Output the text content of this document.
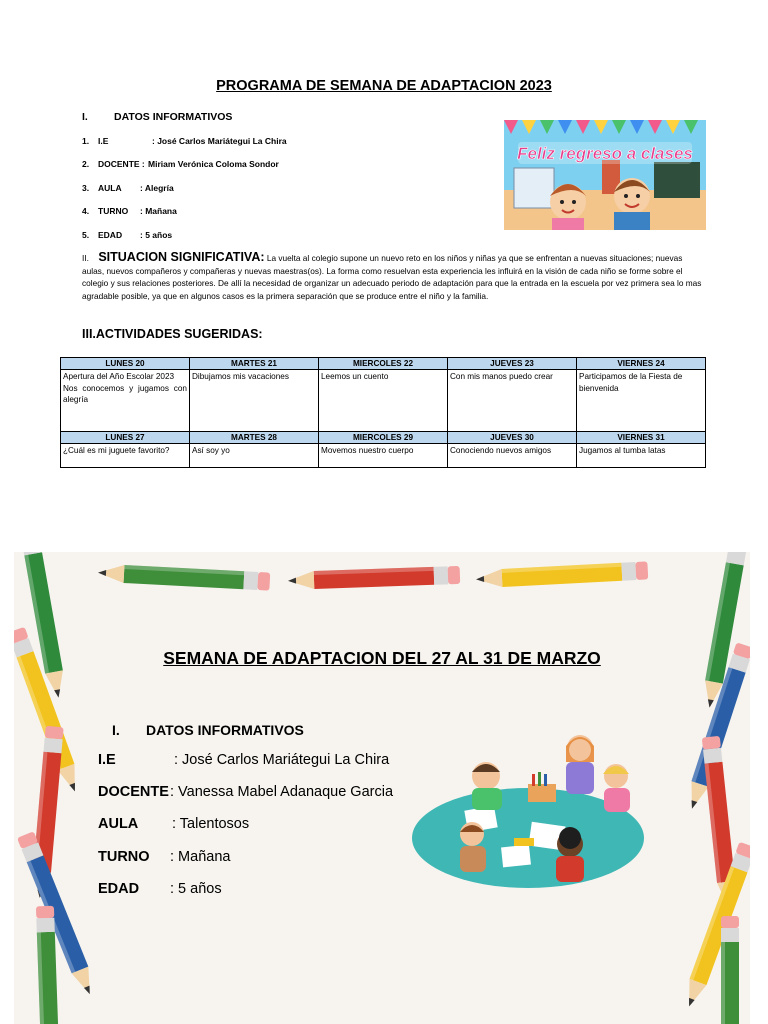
PROGRAMA DE SEMANA DE ADAPTACION 2023
I. DATOS INFORMATIVOS
1.	I.E	: José Carlos Mariátegui La Chira
2.	DOCENTE : Miriam Verónica Coloma Sondor
3.	AULA	: Alegría
4.	TURNO	: Mañana
5.	EDAD	: 5 años
Feliz regreso a clases
II. SITUACION SIGNIFICATIVA: La vuelta al colegio supone un nuevo reto en los niños y niñas ya que se enfrentan a nuevas situaciones; nuevas aulas, nuevos compañeros y compañeras y nuevas maestras(os). La forma como resuelvan esta experiencia les influirá en la visión de cada niño se forme sobre el colegio y sus relaciones posteriores. De allí la necesidad de organizar un adecuado periodo de adaptación para que la entrada en la escuela por vez primera sea lo mas agradable posible, ya que en algunos casos es la primera separación que se produce entre el niño y la familia.
III.ACTIVIDADES SUGERIDAS:
LUNES 20	MARTES 21	MIERCOLES 22	JUEVES 23	VIERNES 24

Apertura del Año Escolar 2023
Nos conocemos y jugamos con alegría	Dibujamos mis vacaciones	Leemos un cuento	Con mis manos puedo crear	Participamos de la Fiesta de bienvenida

LUNES 27	MARTES 28	MIERCOLES 29	JUEVES 30	VIERNES 31
¿Cuál es mi juguete favorito?	Así soy yo	Movemos nuestro cuerpo	Conociendo nuevos amigos	Jugamos al tumba latas
SEMANA DE ADAPTACION DEL 27 AL 31 DE MARZO
I. DATOS INFORMATIVOS
I.E	: José Carlos Mariátegui La Chira
DOCENTE : Vanessa Mabel Adanaque Garcia
AULA	: Talentosos
TURNO	: Mañana
EDAD	: 5 años
